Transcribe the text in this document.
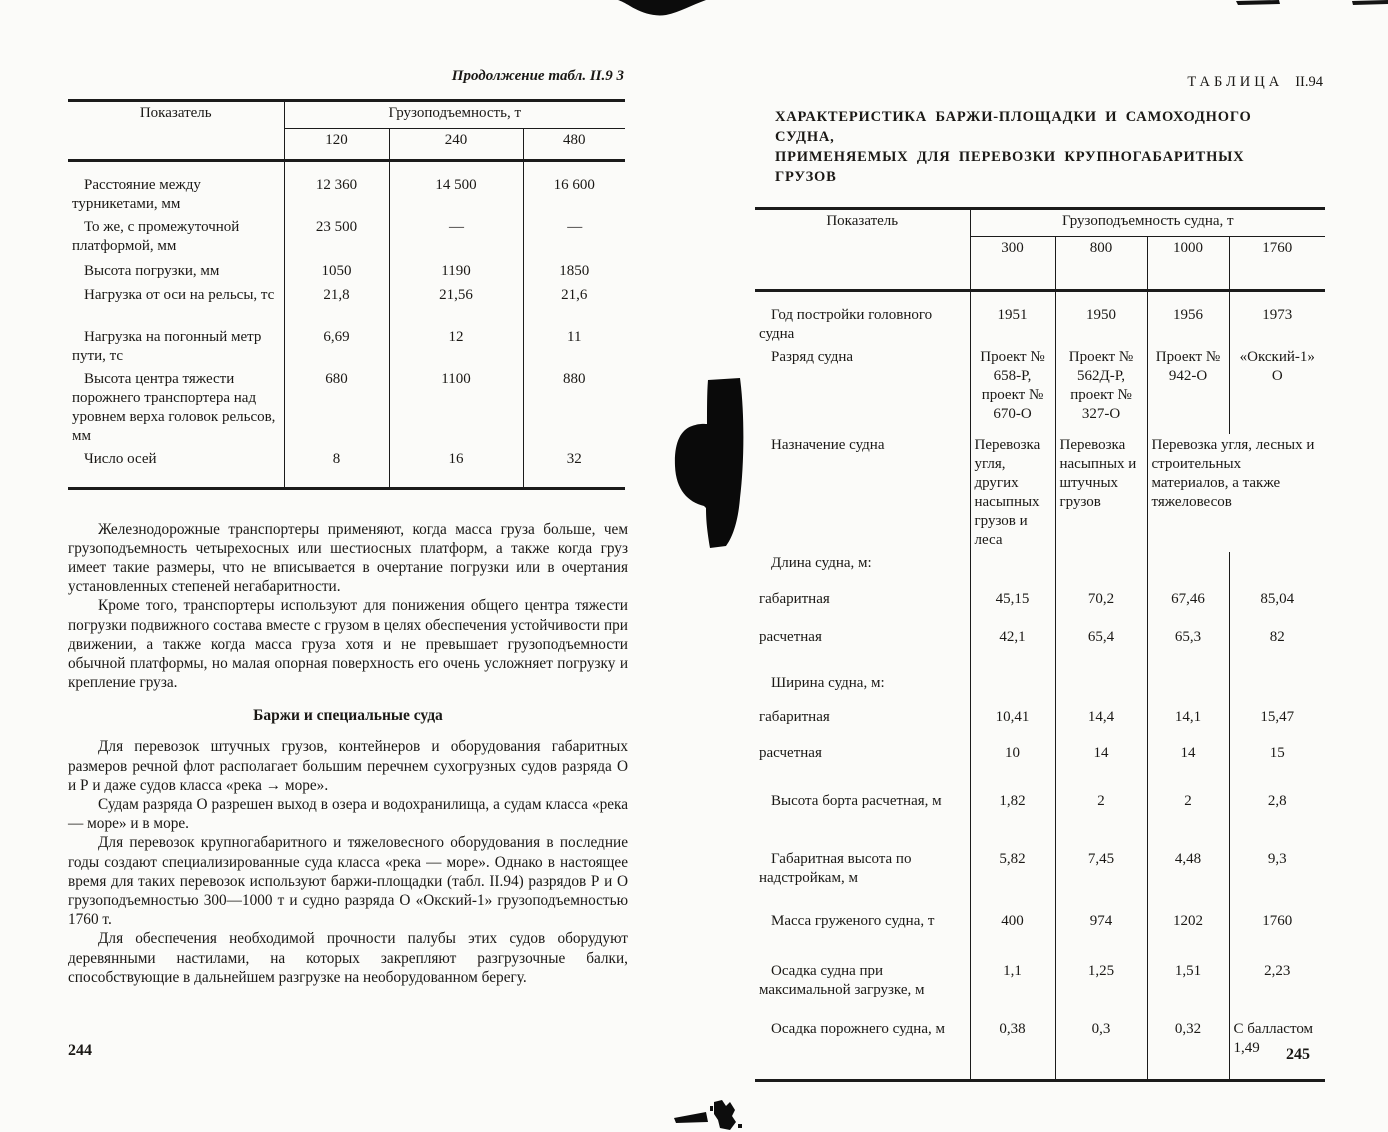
Продолжение табл. II.9 3
Показатель	Грузоподъемность, т		
	120	240	480
Расстояние между турникетами, мм	12 360	14 500	16 600
То же, с промежуточной платформой, мм	23 500	—	—
Высота погрузки, мм	1050	1190	1850
Нагрузка от оси на рельсы, тс	21,8	21,56	21,6
Нагрузка на погонный метр пути, тс	6,69	12	11
Высота центра тяжести порожнего транспортера над уровнем верха головок рельсов, мм	680	1100	880
Число осей	8	16	32

Железнодорожные транспортеры применяют, когда масса груза больше, чем грузоподъемность четырехосных или шестиосных платформ, а также когда груз имеет такие размеры, что не вписывается в очертание погрузки или в очертания установленных степеней негабаритности.

Кроме того, транспортеры используют для понижения общего центра тяжести погрузки подвижного состава вместе с грузом в целях обеспечения устойчивости при движении, а также когда масса груза хотя и не превышает грузоподъемности обычной платформы, но малая опорная поверхность его очень усложняет погрузку и крепление груза.

Баржи и специальные суда

Для перевозок штучных грузов, контейнеров и оборудования габаритных размеров речной флот располагает большим перечнем сухогрузных судов разряда О и Р и даже судов класса «река → море».

Судам разряда О разрешен выход в озера и водохранилища, а судам класса «река — море» и в море.

Для перевозок крупногабаритного и тяжеловесного оборудования в последние годы создают специализированные суда класса «река — море». Однако в настоящее время для таких перевозок используют баржи-площадки (табл. II.94) разрядов Р и О грузоподъемностью 300—1000 т и судно разряда О «Окский-1» грузоподъемностью 1760 т.

Для обеспечения необходимой прочности палубы этих судов оборудуют деревянными настилами, на которых закрепляют разгрузочные балки, способствующие в дальнейшем разгрузке на необорудованном берегу.

244
ТАБЛИЦА II.94
ХАРАКТЕРИСТИКА БАРЖИ-ПЛОЩАДКИ И САМОХОДНОГО СУДНА,
ПРИМЕНЯЕМЫХ ДЛЯ ПЕРЕВОЗКИ КРУПНОГАБАРИТНЫХ ГРУЗОВ
Показатель	Грузоподъемность судна, т			
	300	800	1000	1760
Год постройки головного судна	1951	1950	1956	1973
Разряд судна	Проект № 658-Р, проект № 670-О	Проект № 562Д-Р, проект № 327-О	Проект № 942-О	«Окский-1» О
Назначение судна	Перевозка угля, других насыпных грузов и леса	Перевозка насыпных и штучных грузов	Перевозка угля, лесных и строительных материалов, а также тяжеловесов	
Длина судна, м:				
габаритная	45,15	70,2	67,46	85,04
расчетная	42,1	65,4	65,3	82
Ширина судна, м:				
габаритная	10,41	14,4	14,1	15,47
расчетная	10	14	14	15
Высота борта расчетная, м	1,82	2	2	2,8
Габаритная высота по надстройкам, м	5,82	7,45	4,48	9,3
Масса груженого судна, т	400	974	1202	1760
Осадка судна при максимальной загрузке, м	1,1	1,25	1,51	2,23
Осадка порожнего судна, м	0,38	0,3	0,32	С балластом 1,49 245
